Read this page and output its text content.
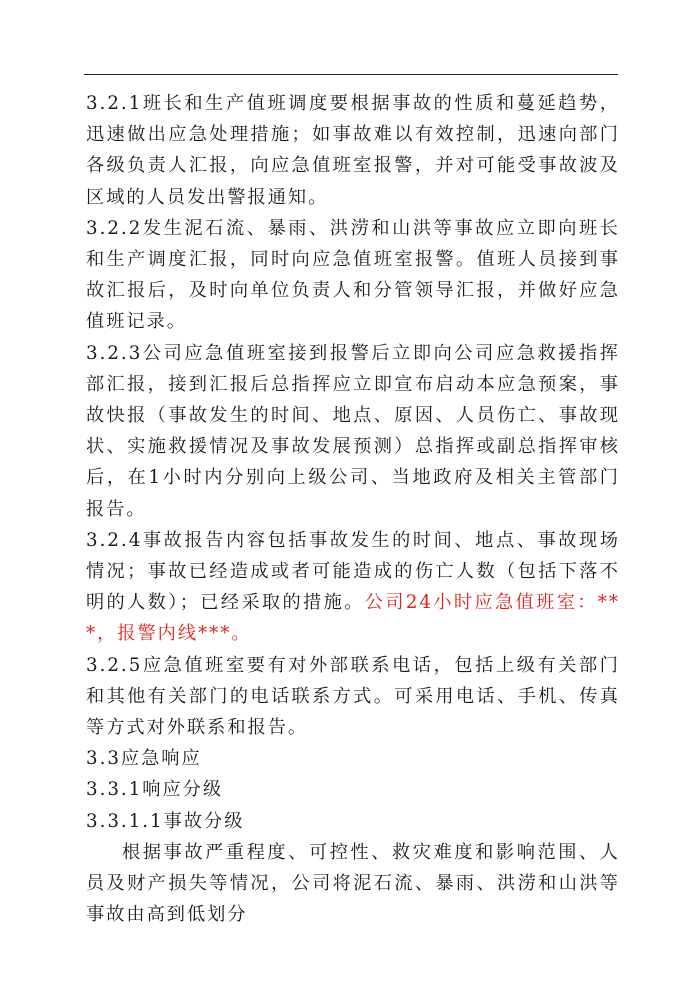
3.2.1班长和生产值班调度要根据事故的性质和蔓延趋势，迅速做出应急处理措施；如事故难以有效控制，迅速向部门各级负责人汇报，向应急值班室报警，并对可能受事故波及区域的人员发出警报通知。

3.2.2发生泥石流、暴雨、洪涝和山洪等事故应立即向班长和生产调度汇报，同时向应急值班室报警。值班人员接到事故汇报后，及时向单位负责人和分管领导汇报，并做好应急值班记录。

3.2.3公司应急值班室接到报警后立即向公司应急救援指挥部汇报，接到汇报后总指挥应立即宣布启动本应急预案，事故快报（事故发生的时间、地点、原因、人员伤亡、事故现状、实施救援情况及事故发展预测）总指挥或副总指挥审核后，在1小时内分别向上级公司、当地政府及相关主管部门报告。

3.2.4事故报告内容包括事故发生的时间、地点、事故现场情况；事故已经造成或者可能造成的伤亡人数（包括下落不明的人数）；已经采取的措施。公司24小时应急值班室：***，报警内线***。

3.2.5应急值班室要有对外部联系电话，包括上级有关部门和其他有关部门的电话联系方式。可采用电话、手机、传真等方式对外联系和报告。

3.3应急响应

3.3.1响应分级

3.3.1.1事故分级

根据事故严重程度、可控性、救灾难度和影响范围、人员及财产损失等情况，公司将泥石流、暴雨、洪涝和山洪等事故由高到低划分
